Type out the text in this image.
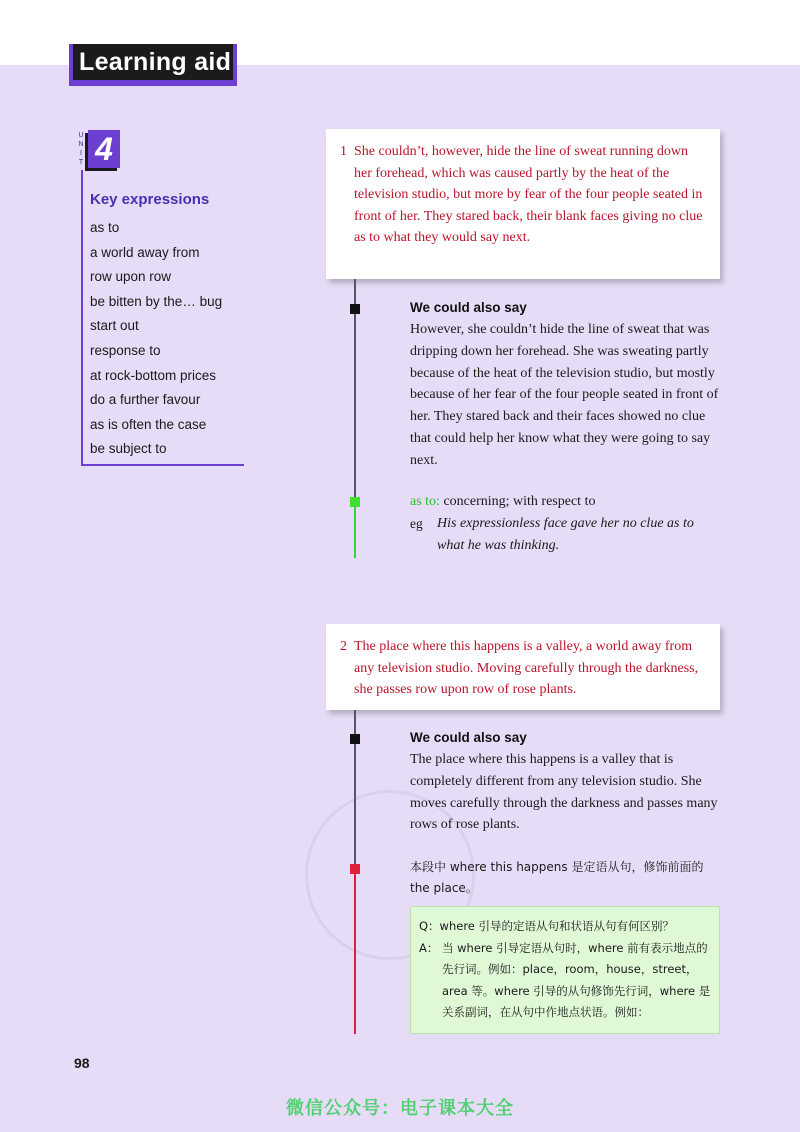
Learning aid
U
N
I
T 4
Key expressions
as to
a world away from
row upon row
be bitten by the… bug
start out
response to
at rock-bottom prices
do a further favour
as is often the case
be subject to
1 She couldn’t, however, hide the line of sweat running down her forehead, which was caused partly by the heat of the television studio, but more by fear of the four people seated in front of her. They stared back, their blank faces giving no clue as to what they would say next.
We could also say
However, she couldn’t hide the line of sweat that was dripping down her forehead. She was sweating partly because of the heat of the television studio, but mostly because of her fear of the four people seated in front of her. They stared back and their faces showed no clue that could help her know what they were going to say next.
as to: concerning; with respect to
eg His expressionless face gave her no clue as to what he was thinking.
2 The place where this happens is a valley, a world away from any television studio. Moving carefully through the darkness, she passes row upon row of rose plants.
We could also say
The place where this happens is a valley that is completely different from any television studio. She moves carefully through the darkness and passes many rows of rose plants.
本段中 where this happens 是定语从句，修饰前面的 the place。
Q：where 引导的定语从句和状语从句有何区别？
A： 当 where 引导定语从句时，where 前有表示地点的先行词。例如：place，room，house，street，area 等。where 引导的从句修饰先行词，where 是关系副词，在从句中作地点状语。例如：
98
微信公众号：电子课本大全
